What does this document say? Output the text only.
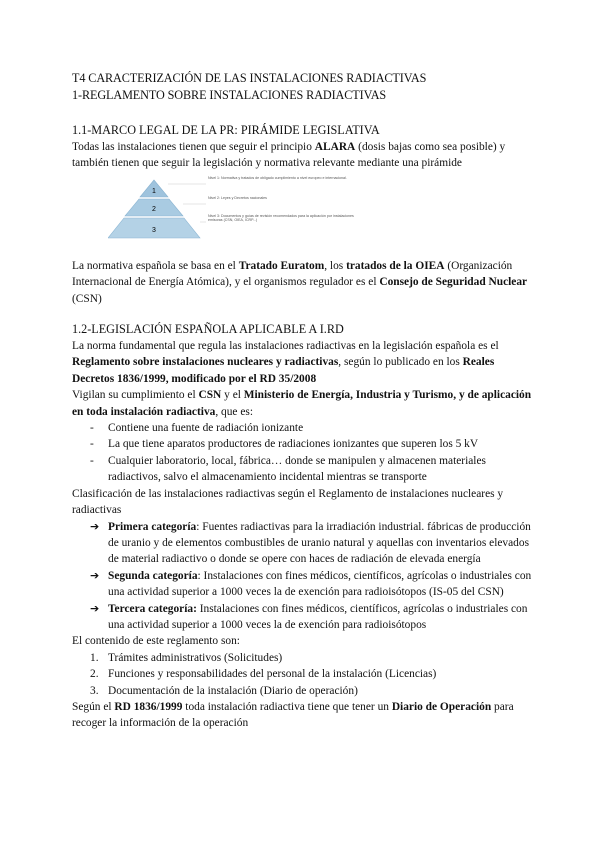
T4 CARACTERIZACIÓN DE LAS INSTALACIONES RADIACTIVAS

1-REGLAMENTO SOBRE INSTALACIONES RADIACTIVAS

1.1-MARCO LEGAL DE LA PR: PIRÁMIDE LEGISLATIVA

Todas las instalaciones tienen que seguir el principio ALARA (dosis bajas como sea posible) y también tienen que seguir la legislación y normativa relevante mediante una pirámide

1
2
3
Nivel 1: Normativa y tratados de obligado cumplimiento a nivel europeo e internacional.
Nivel 2: Leyes y Decretos nacionales
Nivel 3: Documentos y guías de revisión recomendados para la aplicación por instalaciones emisoras (CSN, OIEA, ICRP...)

La normativa española se basa en el Tratado Euratom, los tratados de la OIEA (Organización Internacional de Energía Atómica), y el organismos regulador es el Consejo de Seguridad Nuclear (CSN)

1.2-LEGISLACIÓN ESPAÑOLA APLICABLE A I.RD

La norma fundamental que regula las instalaciones radiactivas en la legislación española es el Reglamento sobre instalaciones nucleares y radiactivas, según lo publicado en los Reales Decretos 1836/1999, modificado por el RD 35/2008

Vigilan su cumplimiento el CSN y el Ministerio de Energía, Industria y Turismo, y de aplicación en toda instalación radiactiva, que es:

- Contiene una fuente de radiación ionizante
- La que tiene aparatos productores de radiaciones ionizantes que superen los 5 kV
- Cualquier laboratorio, local, fábrica… donde se manipulen y almacenen materiales radiactivos, salvo el almacenamiento incidental mientras se transporte

Clasificación de las instalaciones radiactivas según el Reglamento de instalaciones nucleares y radiactivas

➔ Primera categoría: Fuentes radiactivas para la irradiación industrial. fábricas de producción de uranio y de elementos combustibles de uranio natural y aquellas con inventarios elevados de material radiactivo o donde se opere con haces de radiación de elevada energía
➔ Segunda categoría: Instalaciones con fines médicos, científicos, agrícolas o industriales con una actividad superior a 1000 veces la de exención para radioisótopos (IS-05 del CSN)
➔ Tercera categoría: Instalaciones con fines médicos, científicos, agrícolas o industriales con una actividad superior a 1000 veces la de exención para radioisótopos

El contenido de este reglamento son:

1. Trámites administrativos (Solicitudes)
2. Funciones y responsabilidades del personal de la instalación (Licencias)
3. Documentación de la instalación (Diario de operación)

Según el RD 1836/1999 toda instalación radiactiva tiene que tener un Diario de Operación para recoger la información de la operación
